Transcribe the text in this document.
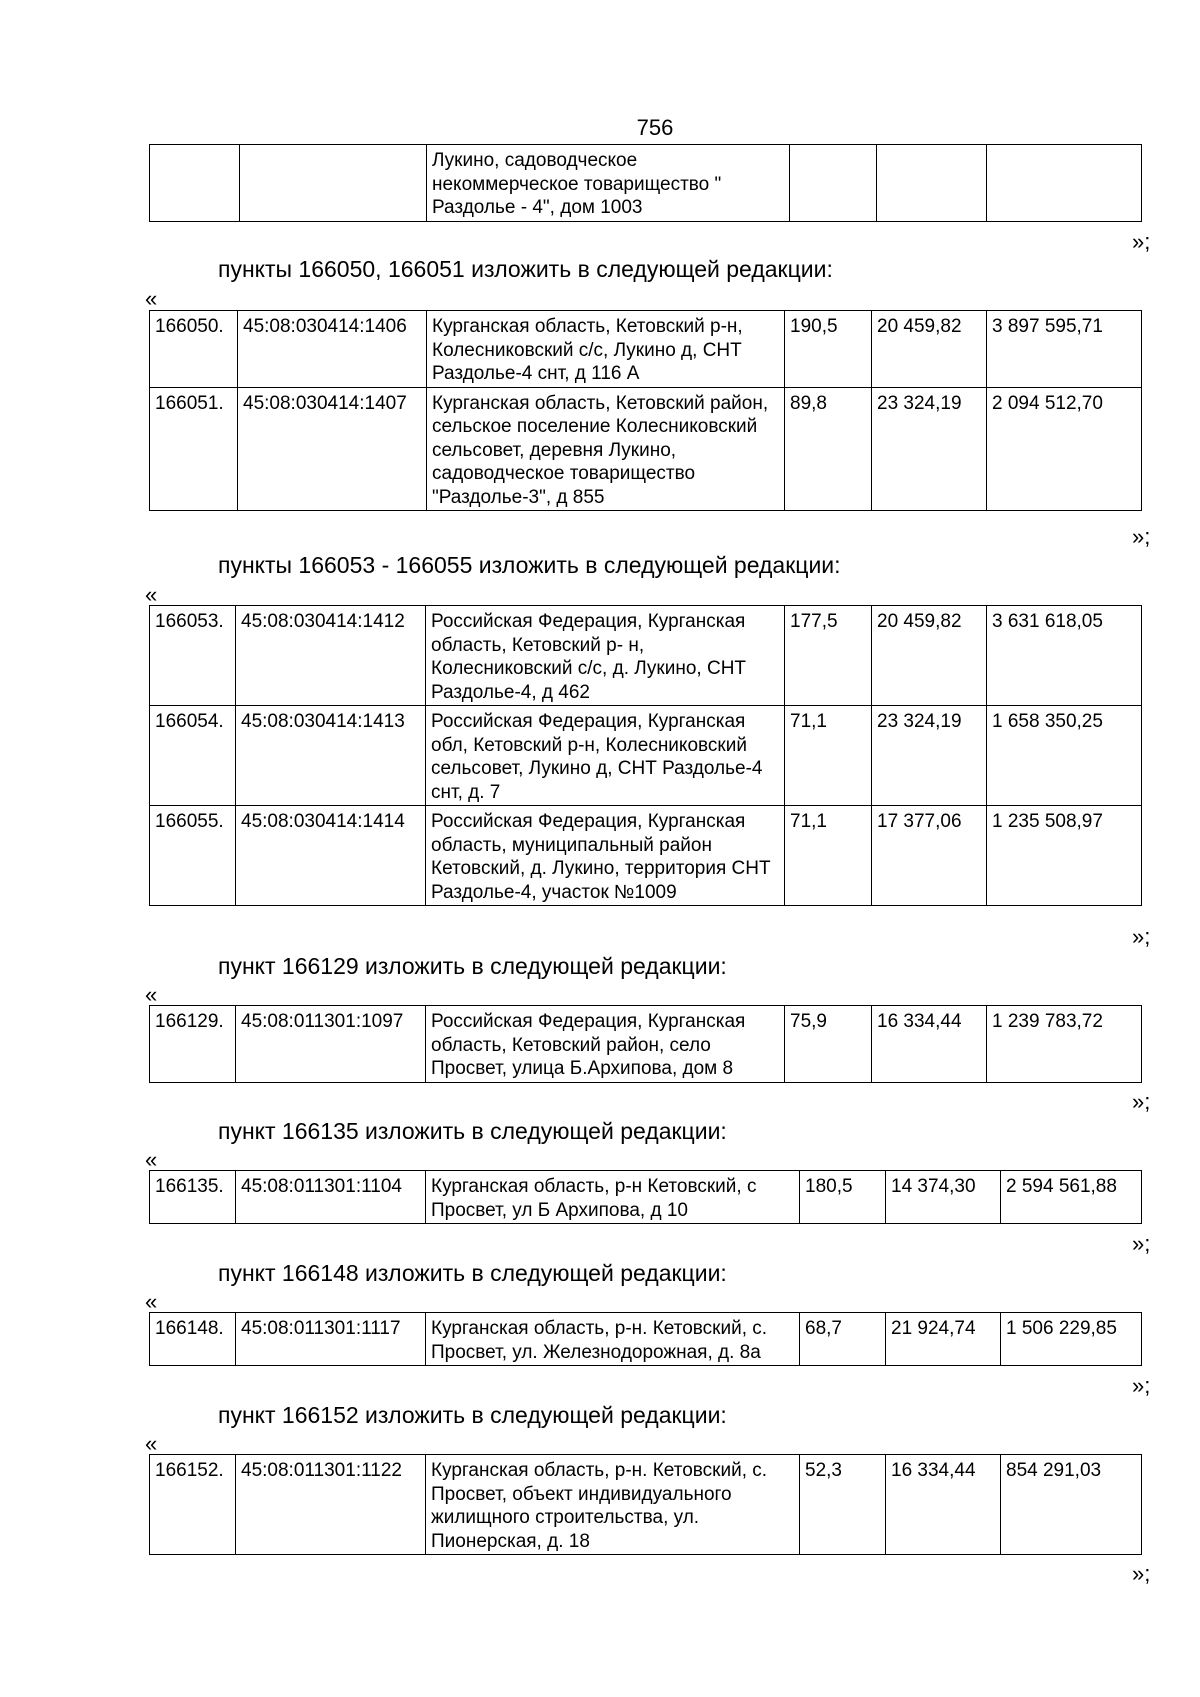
756
		Лукино, садоводческое некоммерческое товарищество " Раздолье - 4", дом 1003			
»;
пункты 166050, 166051 изложить в следующей редакции:
«
166050.	45:08:030414:1406	Курганская область, Кетовский р-н, Колесниковский с/с, Лукино д, СНТ Раздолье-4 снт, д 116 А	190,5	20 459,82	3 897 595,71
166051.	45:08:030414:1407	Курганская область, Кетовский район, сельское поселение Колесниковский сельсовет, деревня Лукино, садоводческое товарищество "Раздолье-3", д 855	89,8	23 324,19	2 094 512,70
»;
пункты 166053 - 166055 изложить в следующей редакции:
«
166053.	45:08:030414:1412	Российская Федерация, Курганская область, Кетовский р- н, Колесниковский с/с, д. Лукино, СНТ Раздолье-4, д 462	177,5	20 459,82	3 631 618,05
166054.	45:08:030414:1413	Российская Федерация, Курганская обл, Кетовский р-н, Колесниковский сельсовет, Лукино д, СНТ Раздолье-4 снт, д. 7	71,1	23 324,19	1 658 350,25
166055.	45:08:030414:1414	Российская Федерация, Курганская область, муниципальный район Кетовский, д. Лукино, территория СНТ Раздолье-4, участок №1009	71,1	17 377,06	1 235 508,97
»;
пункт 166129 изложить в следующей редакции:
«
166129.	45:08:011301:1097	Российская Федерация, Курганская область, Кетовский район, село Просвет, улица Б.Архипова, дом 8	75,9	16 334,44	1 239 783,72
»;
пункт 166135 изложить в следующей редакции:
«
166135.	45:08:011301:1104	Курганская область, р-н Кетовский, с Просвет, ул Б Архипова, д 10	180,5	14 374,30	2 594 561,88
»;
пункт 166148 изложить в следующей редакции:
«
166148.	45:08:011301:1117	Курганская область, р-н. Кетовский, с. Просвет, ул. Железнодорожная, д. 8а	68,7	21 924,74	1 506 229,85
»;
пункт 166152 изложить в следующей редакции:
«
166152.	45:08:011301:1122	Курганская область, р-н. Кетовский, с. Просвет, объект индивидуального жилищного строительства, ул. Пионерская, д. 18	52,3	16 334,44	854 291,03
»;
